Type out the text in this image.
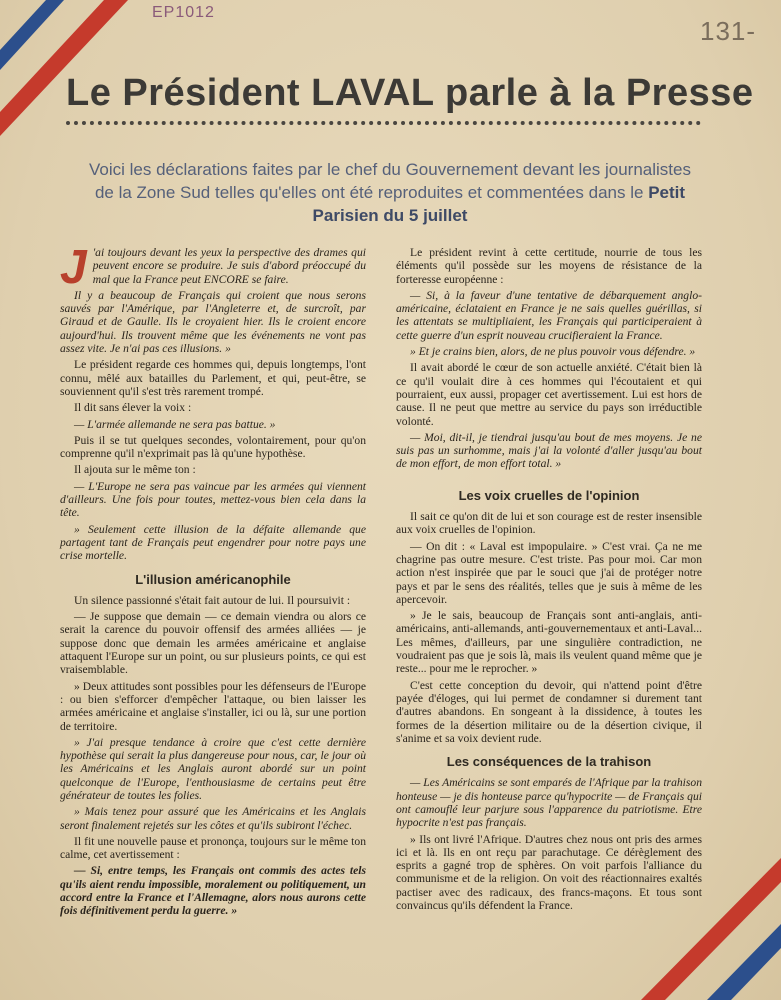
EP1012
131-
Le Président LAVAL parle à la Presse
Voici les déclarations faites par le chef du Gouvernement devant les journalistes de la Zone Sud telles qu'elles ont été reproduites et commentées dans le Petit Parisien du 5 juillet

J 'ai toujours devant les yeux la perspective des drames qui peuvent encore se produire. Je suis d'abord préoccupé du mal que la France peut ENCORE se faire.

Il y a beaucoup de Français qui croient que nous serons sauvés par l'Amérique, par l'Angleterre et, de surcroît, par Giraud et de Gaulle. Ils le croyaient hier. Ils le croient encore aujourd'hui. Ils trouvent même que les événements ne vont pas assez vite. Je n'ai pas ces illusions. »

Le président regarde ces hommes qui, depuis longtemps, l'ont connu, mêlé aux batailles du Parlement, et qui, peut-être, se souviennent qu'il s'est très rarement trompé.

Il dit sans élever la voix :

— L'armée allemande ne sera pas battue. »

Puis il se tut quelques secondes, volontairement, pour qu'on comprenne qu'il n'exprimait pas là qu'une hypothèse.

Il ajouta sur le même ton :

— L'Europe ne sera pas vaincue par les armées qui viennent d'ailleurs. Une fois pour toutes, mettez-vous bien cela dans la tête.

» Seulement cette illusion de la défaite allemande que partagent tant de Français peut engendrer pour notre pays une crise mortelle.

L'illusion américanophile

Un silence passionné s'était fait autour de lui. Il poursuivit :

— Je suppose que demain — ce demain viendra ou alors ce serait la carence du pouvoir offensif des armées alliées — je suppose donc que demain les armées américaine et anglaise attaquent l'Europe sur un point, ou sur plusieurs points, ce qui est vraisemblable.

» Deux attitudes sont possibles pour les défenseurs de l'Europe : ou bien s'efforcer d'empêcher l'attaque, ou bien laisser les armées américaine et anglaise s'installer, ici ou là, sur une portion de territoire.

» J'ai presque tendance à croire que c'est cette dernière hypothèse qui serait la plus dangereuse pour nous, car, le jour où les Américains et les Anglais auront abordé sur un point quelconque de l'Europe, l'enthousiasme de certains peut être générateur de toutes les folies.

» Mais tenez pour assuré que les Américains et les Anglais seront finalement rejetés sur les côtes et qu'ils subiront l'échec.

Il fit une nouvelle pause et prononça, toujours sur le même ton calme, cet avertissement :

— Si, entre temps, les Français ont commis des actes tels qu'ils aient rendu impossible, moralement ou politiquement, un accord entre la France et l'Allemagne, alors nous aurons cette fois définitivement perdu la guerre. »

Le président revint à cette certitude, nourrie de tous les éléments qu'il possède sur les moyens de résistance de la forteresse européenne :

— Si, à la faveur d'une tentative de débarquement anglo-américaine, éclataient en France je ne sais quelles guérillas, si les attentats se multipliaient, les Français qui participeraient à cette guerre d'un esprit nouveau crucifieraient la France.

» Et je crains bien, alors, de ne plus pouvoir vous défendre. »

Il avait abordé le cœur de son actuelle anxiété. C'était bien là ce qu'il voulait dire à ces hommes qui l'écoutaient et qui pourraient, eux aussi, propager cet avertissement. Lui est hors de cause. Il ne peut que mettre au service du pays son irréductible volonté.

— Moi, dit-il, je tiendrai jusqu'au bout de mes moyens. Je ne suis pas un surhomme, mais j'ai la volonté d'aller jusqu'au bout de mon effort, de mon effort total. »

Les voix cruelles de l'opinion

Il sait ce qu'on dit de lui et son courage est de rester insensible aux voix cruelles de l'opinion.

— On dit : « Laval est impopulaire. » C'est vrai. Ça ne me chagrine pas outre mesure. C'est triste. Pas pour moi. Car mon action n'est inspirée que par le souci que j'ai de protéger notre pays et par le sens des réalités, telles que je suis à même de les apercevoir.

» Je le sais, beaucoup de Français sont anti-anglais, anti-américains, anti-allemands, anti-gouvernementaux et anti-Laval... Les mêmes, d'ailleurs, par une singulière contradiction, ne voudraient pas que je sois là, mais ils veulent quand même que je reste... pour me le reprocher. »

C'est cette conception du devoir, qui n'attend point d'être payée d'éloges, qui lui permet de condamner si durement tant d'autres abandons. En songeant à la dissidence, à toutes les formes de la désertion militaire ou de la désertion civique, il s'anime et sa voix devient rude.

Les conséquences de la trahison

— Les Américains se sont emparés de l'Afrique par la trahison honteuse — je dis honteuse parce qu'hypocrite — de Français qui ont camouflé leur parjure sous l'apparence du patriotisme. Etre hypocrite n'est pas français.

» Ils ont livré l'Afrique. D'autres chez nous ont pris des armes ici et là. Ils en ont reçu par parachutage. Ce dérèglement des esprits a gagné trop de sphères. On voit parfois l'alliance du communisme et de la religion. On voit des réactionnaires exaltés pactiser avec des radicaux, des francs-maçons. Et tous sont convaincus qu'ils défendent la France.
